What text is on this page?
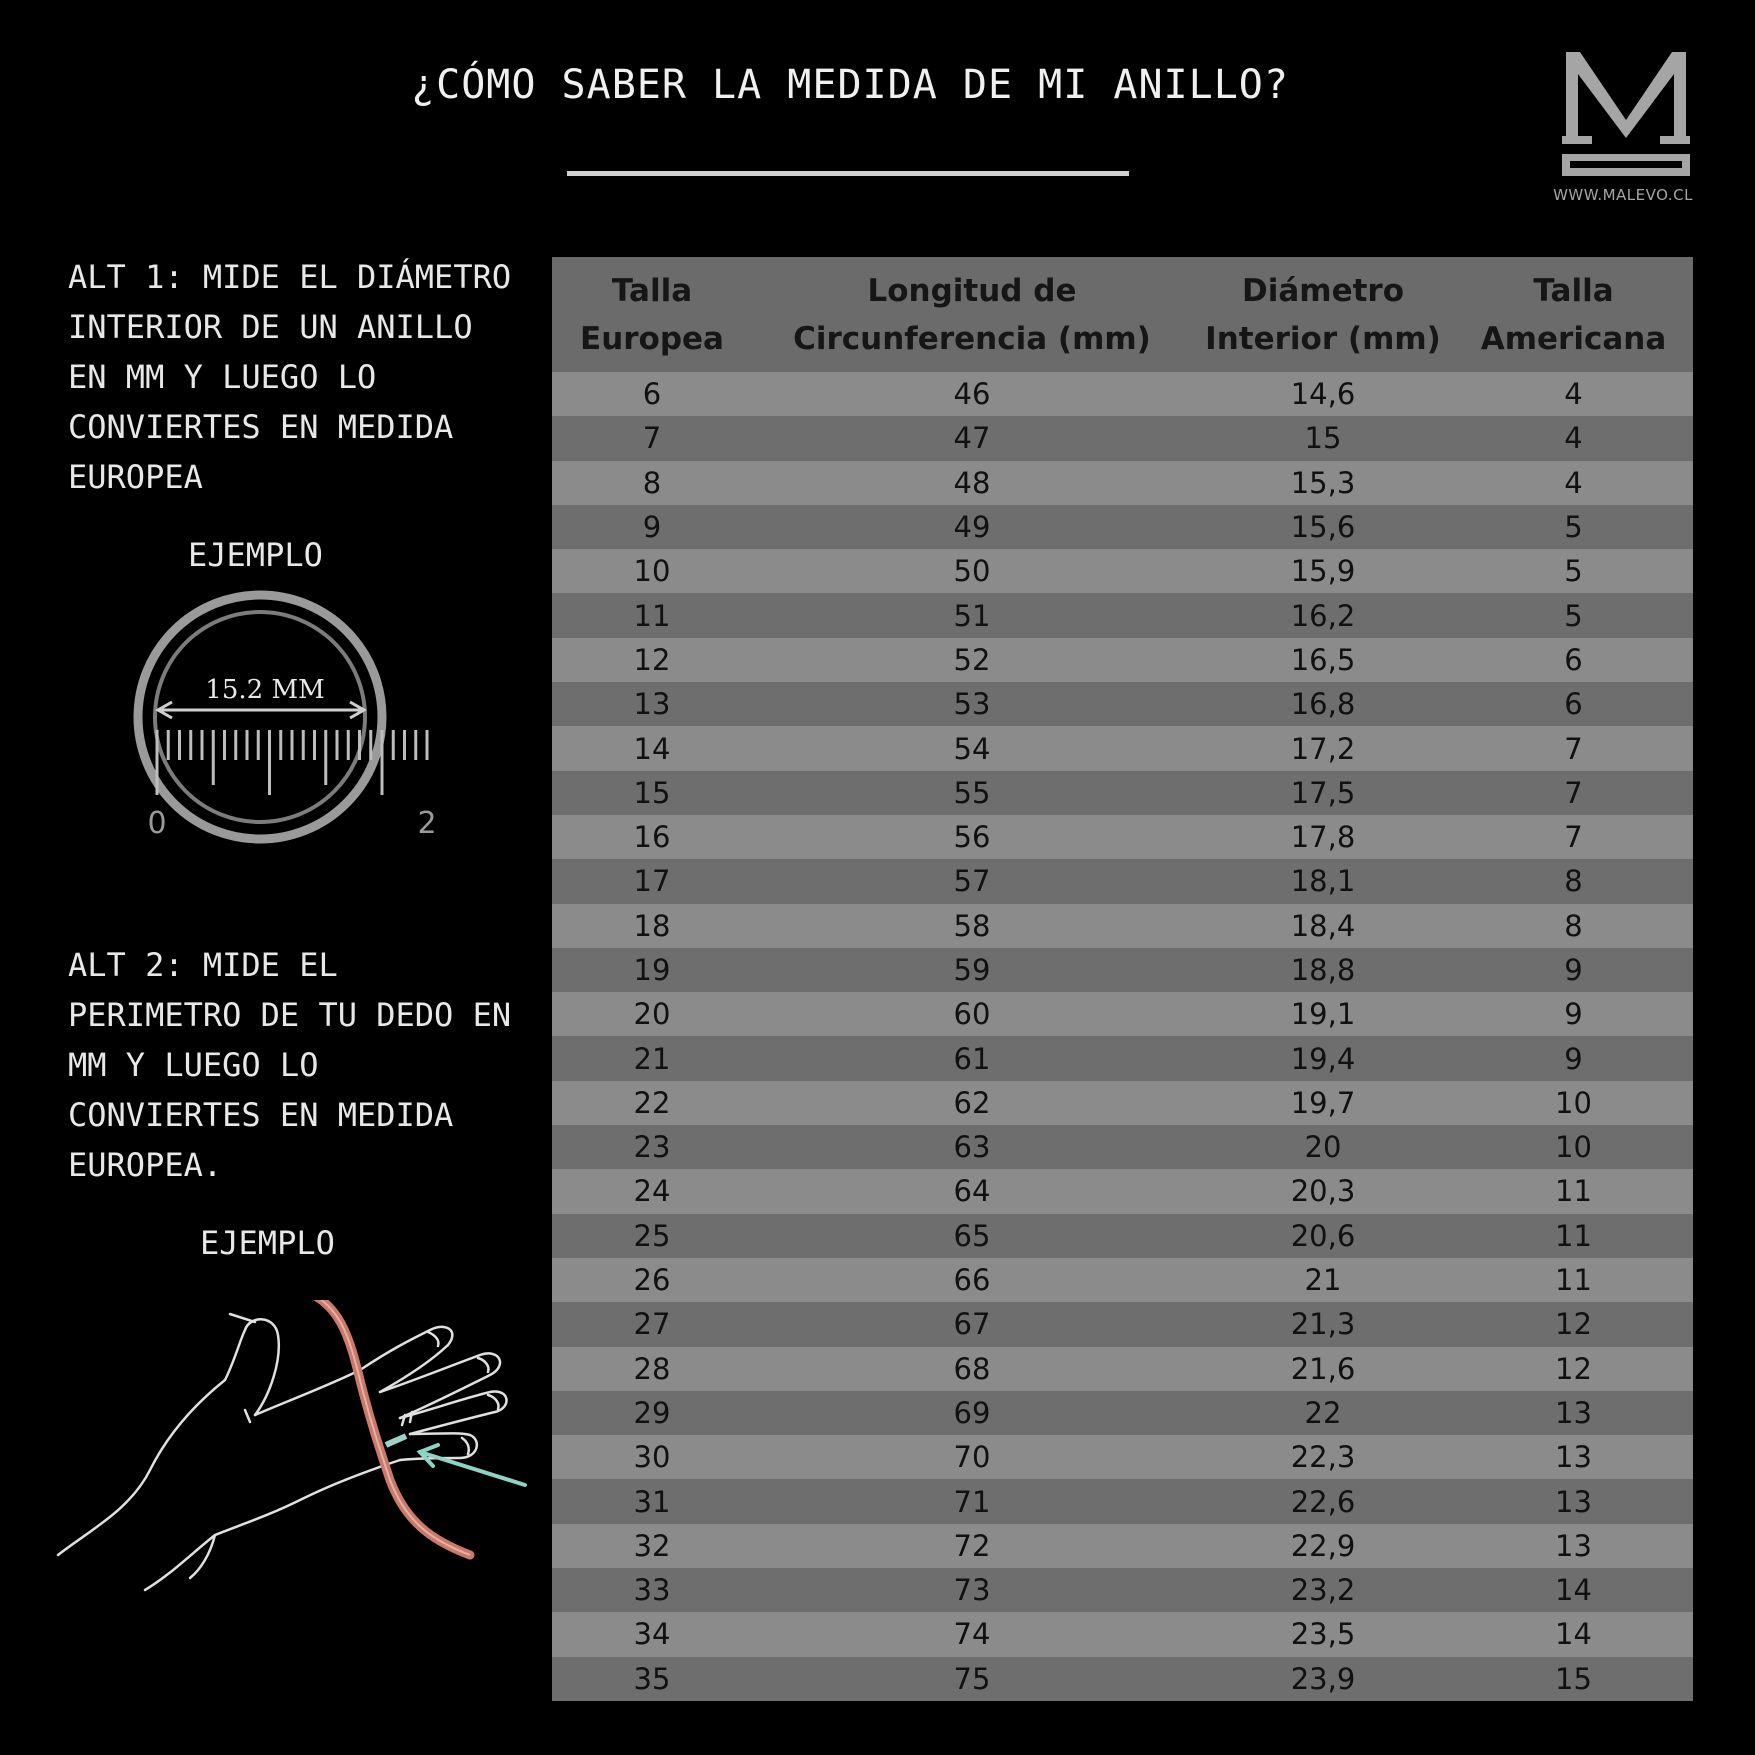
¿CÓMO SABER LA MEDIDA DE MI ANILLO?
WWW.MALEVO.CL
ALT 1: MIDE EL DIÁMETRO INTERIOR DE UN ANILLO EN MM Y LUEGO LO CONVIERTES EN MEDIDA EUROPEA
EJEMPLO
15.2 MM
0	2
ALT 2: MIDE EL PERIMETRO DE TU DEDO EN MM Y LUEGO LO CONVIERTES EN MEDIDA EUROPEA.
EJEMPLO
Talla Europea	Longitud de Circunferencia (mm)	Diámetro Interior (mm)	Talla Americana
6	46	14,6	4
7	47	15	4
8	48	15,3	4
9	49	15,6	5
10	50	15,9	5
11	51	16,2	5
12	52	16,5	6
13	53	16,8	6
14	54	17,2	7
15	55	17,5	7
16	56	17,8	7
17	57	18,1	8
18	58	18,4	8
19	59	18,8	9
20	60	19,1	9
21	61	19,4	9
22	62	19,7	10
23	63	20	10
24	64	20,3	11
25	65	20,6	11
26	66	21	11
27	67	21,3	12
28	68	21,6	12
29	69	22	13
30	70	22,3	13
31	71	22,6	13
32	72	22,9	13
33	73	23,2	14
34	74	23,5	14
35	75	23,9	15
